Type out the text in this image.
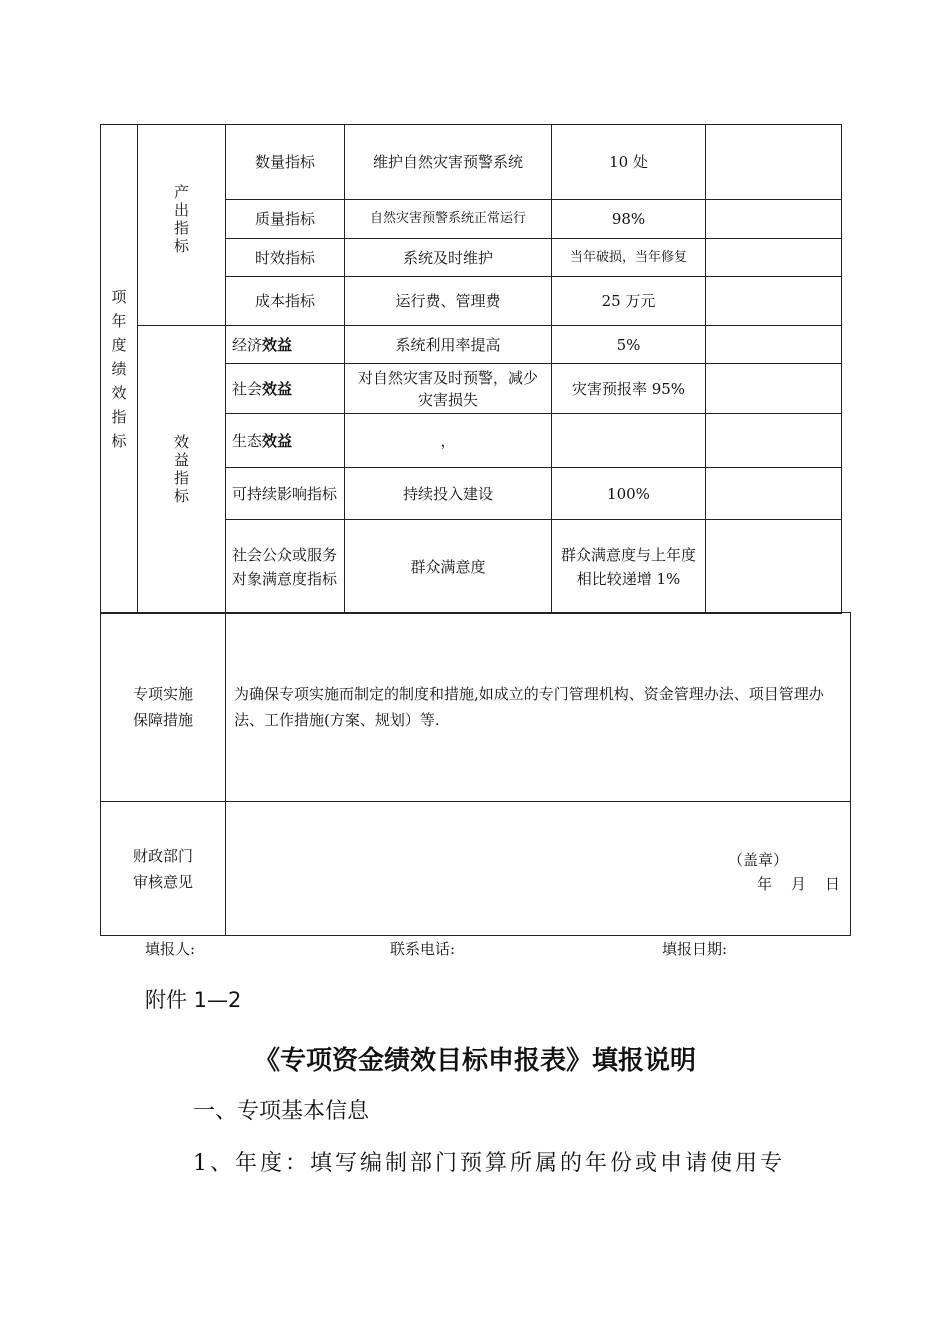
项年度绩效指标	产出指标	数量指标	维护自然灾害预警系统	10 处	
		质量指标	自然灾害预警系统正常运行	98%	
		时效指标	系统及时维护	当年破损，当年修复	
		成本指标	运行费、管理费	25 万元	
	效益指标	经济效益	系统利用率提高	5%	
		社会效益	对自然灾害及时预警，减少灾害损失	灾害预报率 95%	
		生态效益	，		
		可持续影响指标	持续投入建设	100%	
		社会公众或服务对象满意度指标	群众满意度	群众满意度与上年度相比较递增 1%	
专项实施保障措施	为确保专项实施而制定的制度和措施,如成立的专门管理机构、资金管理办法、项目管理办法、工作措施(方案、规划）等.

财政部门审核意见	（盖章）
年　月　日
填报人:	联系电话:	填报日期:
附件 1—2
《专项资金绩效目标申报表》填报说明
一、专项基本信息
1、年度：填写编制部门预算所属的年份或申请使用专
